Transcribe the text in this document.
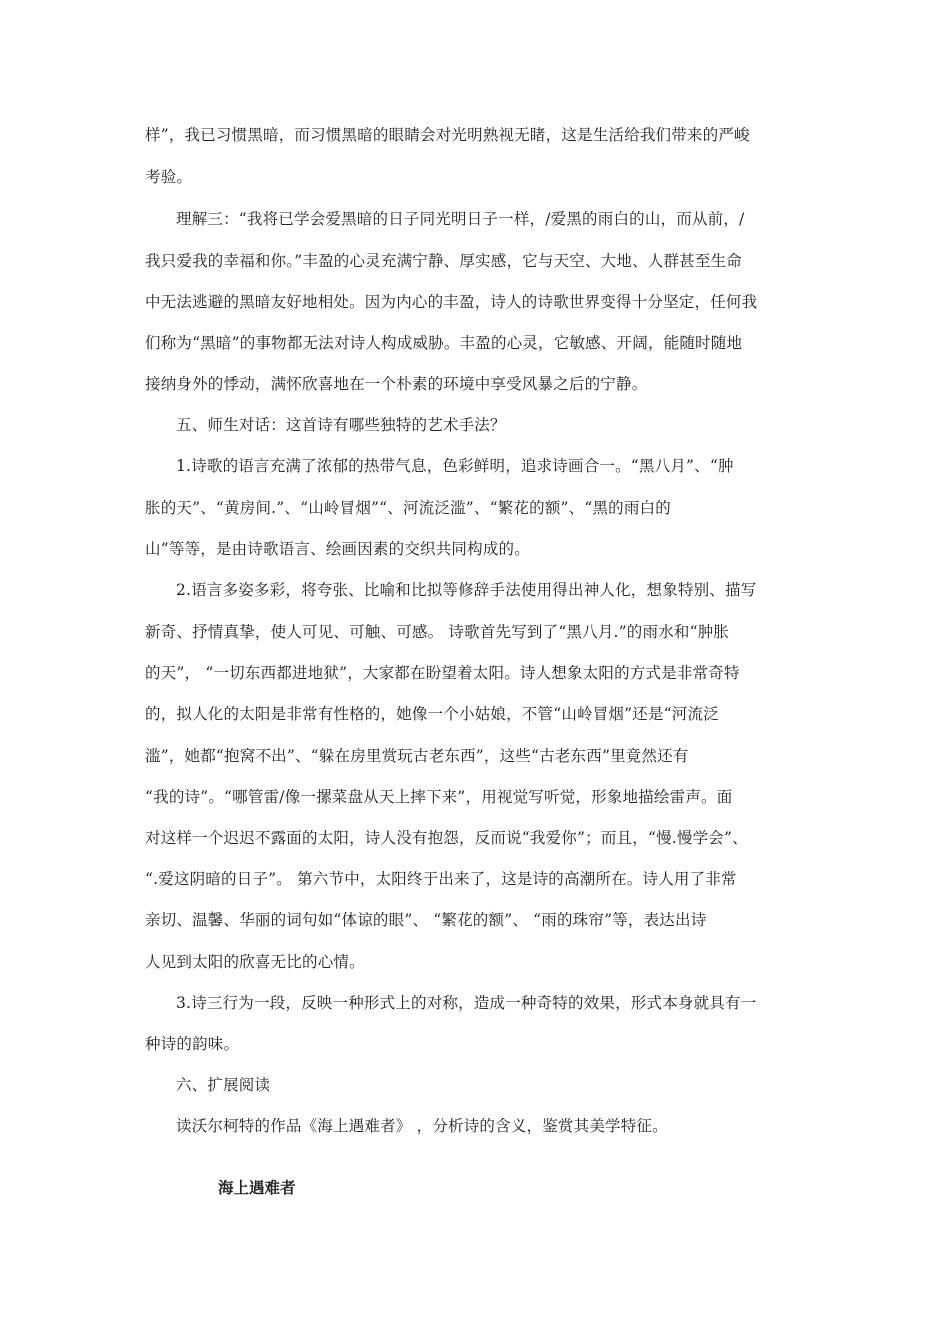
样”，我已习惯黑暗，而习惯黑暗的眼睛会对光明熟视无睹，这是生活给我们带来的严峻
考验。
理解三：“我将已学会爱黑暗的日子同光明日子一样，/爱黑的雨白的山，而从前，/
我只爱我的幸福和你。”丰盈的心灵充满宁静、厚实感，它与天空、大地、人群甚至生命
中无法逃避的黑暗友好地相处。因为内心的丰盈，诗人的诗歌世界变得十分坚定，任何我
们称为“黑暗”的事物都无法对诗人构成威胁。丰盈的心灵，它敏感、开阔，能随时随地
接纳身外的悸动，满怀欣喜地在一个朴素的环境中享受风暴之后的宁静。
五、师生对话：这首诗有哪些独特的艺术手法？
1.诗歌的语言充满了浓郁的热带气息，色彩鲜明，追求诗画合一。“黑八月”、“肿
胀的天”、“黄房间.”、“山岭冒烟”“、河流泛滥”、“繁花的额”、“黑的雨白的
山”等等，是由诗歌语言、绘画因素的交织共同构成的。
2.语言多姿多彩，将夸张、比喻和比拟等修辞手法使用得出神人化，想象特别、描写
新奇、抒情真挚，使人可见、可触、可感。 诗歌首先写到了“黑八月.”的雨水和“肿胀
的天”， “一切东西都进地狱”，大家都在盼望着太阳。诗人想象太阳的方式是非常奇特
的，拟人化的太阳是非常有性格的，她像一个小姑娘，不管“山岭冒烟”还是“河流泛
滥”，她都“抱窝不出”、“躲在房里赏玩古老东西”，这些“古老东西”里竟然还有
“我的诗”。“哪管雷/像一摞菜盘从天上摔下来”，用视觉写听觉，形象地描绘雷声。面
对这样一个迟迟不露面的太阳，诗人没有抱怨，反而说“我爱你”；而且，“慢.慢学会”、
“.爱这阴暗的日子”。 第六节中，太阳终于出来了，这是诗的高潮所在。诗人用了非常
亲切、温馨、华丽的词句如“体谅的眼”、 “繁花的额”、 “雨的珠帘”等，表达出诗
人见到太阳的欣喜无比的心情。
3.诗三行为一段，反映一种形式上的对称，造成一种奇特的效果，形式本身就具有一
种诗的韵味。
六、扩展阅读
读沃尔柯特的作品《海上遇难者》 ，分析诗的含义，鉴赏其美学特征。
海上遇难者
